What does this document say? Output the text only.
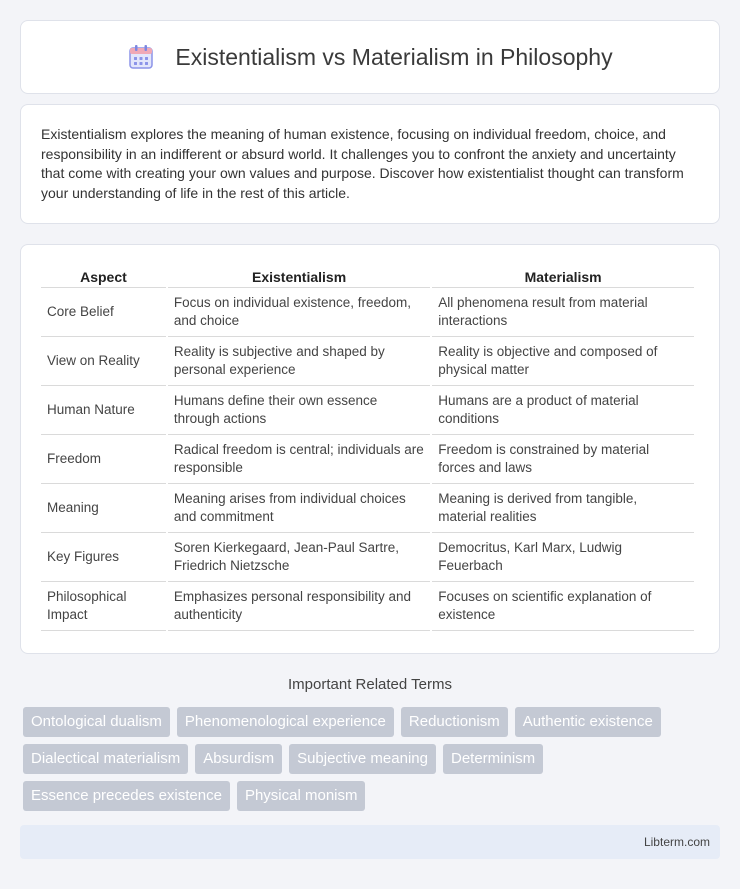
Existentialism vs Materialism in Philosophy

Existentialism explores the meaning of human existence, focusing on individual freedom, choice, and responsibility in an indifferent or absurd world. It challenges you to confront the anxiety and uncertainty that come with creating your own values and purpose. Discover how existentialist thought can transform your understanding of life in the rest of this article.

Aspect	Existentialism	Materialism
Core Belief	Focus on individual existence, freedom, and choice	All phenomena result from material interactions
View on Reality	Reality is subjective and shaped by personal experience	Reality is objective and composed of physical matter
Human Nature	Humans define their own essence through actions	Humans are a product of material conditions
Freedom	Radical freedom is central; individuals are responsible	Freedom is constrained by material forces and laws
Meaning	Meaning arises from individual choices and commitment	Meaning is derived from tangible, material realities
Key Figures	Soren Kierkegaard, Jean-Paul Sartre, Friedrich Nietzsche	Democritus, Karl Marx, Ludwig Feuerbach
Philosophical Impact	Emphasizes personal responsibility and authenticity	Focuses on scientific explanation of existence
Important Related Terms
Ontological dualism	Phenomenological experience	Reductionism	Authentic existence
Dialectical materialism	Absurdism	Subjective meaning	Determinism
Essence precedes existence	Physical monism
Libterm.com
